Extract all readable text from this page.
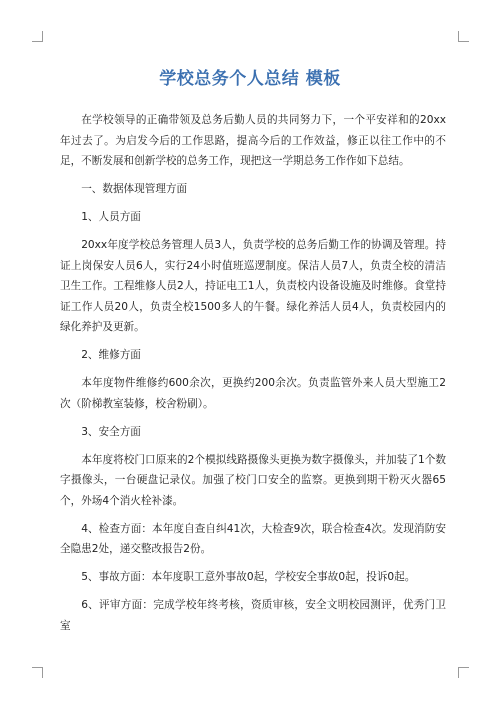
学校总务个人总结 模板

在学校领导的正确带领及总务后勤人员的共同努力下，一个平安祥和的20xx年过去了。为启发今后的工作思路，提高今后的工作效益，修正以往工作中的不足，不断发展和创新学校的总务工作，现把这一学期总务工作作如下总结。

一、数据体现管理方面

1、人员方面

20xx年度学校总务管理人员3人，负责学校的总务后勤工作的协调及管理。持证上岗保安人员6人，实行24小时值班巡逻制度。保洁人员7人，负责全校的清洁卫生工作。工程维修人员2人，持证电工1人，负责校内设备设施及时维修。食堂持证工作人员20人，负责全校1500多人的午餐。绿化养活人员4人，负责校园内的绿化养护及更新。

2、维修方面

本年度物件维修约600余次，更换约200余次。负责监管外来人员大型施工2次（阶梯教室装修，校舍粉刷）。

3、安全方面

本年度将校门口原来的2个模拟线路摄像头更换为数字摄像头，并加装了1个数字摄像头，一台硬盘记录仪。加强了校门口安全的监察。更换到期干粉灭火器65个，外场4个消火栓补漆。

4、检查方面：本年度自查自纠41次，大检查9次，联合检查4次。发现消防安全隐患2处，递交整改报告2份。

5、事故方面：本年度职工意外事故0起，学校安全事故0起，投诉0起。

6、评审方面：完成学校年终考核，资质审核，安全文明校园测评，优秀门卫室
